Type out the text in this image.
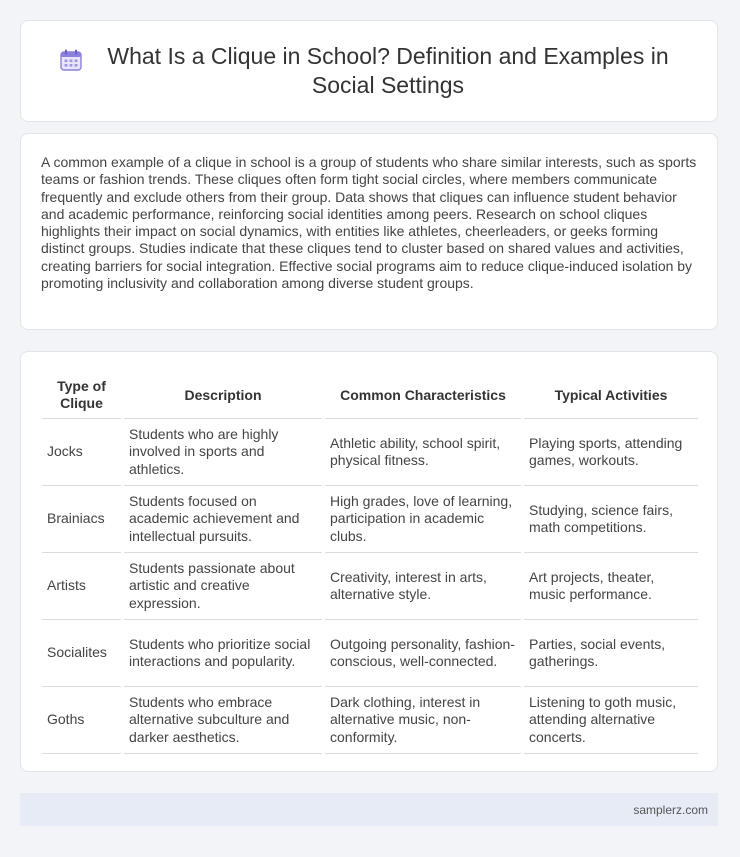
What Is a Clique in School? Definition and Examples in Social Settings

A common example of a clique in school is a group of students who share similar interests, such as sports teams or fashion trends. These cliques often form tight social circles, where members communicate frequently and exclude others from their group. Data shows that cliques can influence student behavior and academic performance, reinforcing social identities among peers. Research on school cliques highlights their impact on social dynamics, with entities like athletes, cheerleaders, or geeks forming distinct groups. Studies indicate that these cliques tend to cluster based on shared values and activities, creating barriers for social integration. Effective social programs aim to reduce clique-induced isolation by promoting inclusivity and collaboration among diverse student groups.

Type of Clique	Description	Common Characteristics	Typical Activities
Jocks	Students who are highly involved in sports and athletics.	Athletic ability, school spirit, physical fitness.	Playing sports, attending games, workouts.
Brainiacs	Students focused on academic achievement and intellectual pursuits.	High grades, love of learning, participation in academic clubs.	Studying, science fairs, math competitions.
Artists	Students passionate about artistic and creative expression.	Creativity, interest in arts, alternative style.	Art projects, theater, music performance.
Socialites	Students who prioritize social interactions and popularity.	Outgoing personality, fashion-conscious, well-connected.	Parties, social events, gatherings.
Goths	Students who embrace alternative subculture and darker aesthetics.	Dark clothing, interest in alternative music, non-conformity.	Listening to goth music, attending alternative concerts.
samplerz.com
